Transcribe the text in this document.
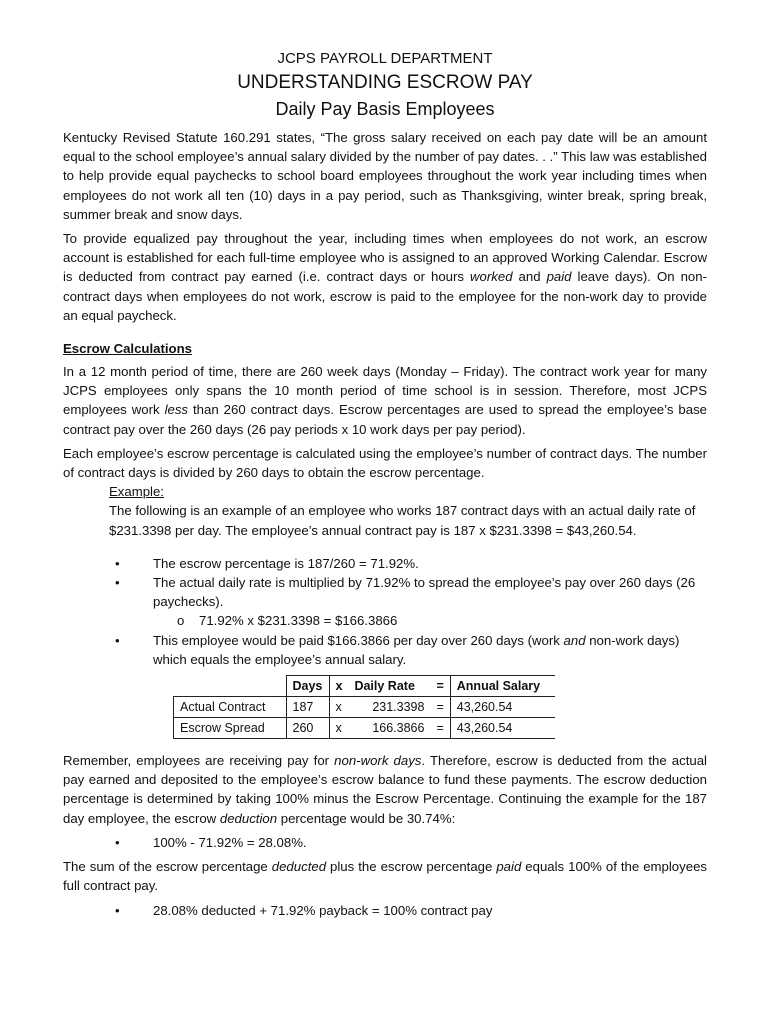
JCPS PAYROLL DEPARTMENT
UNDERSTANDING ESCROW PAY
Daily Pay Basis Employees

Kentucky Revised Statute 160.291 states, “The gross salary received on each pay date will be an amount equal to the school employee’s annual salary divided by the number of pay dates. . .” This law was established to help provide equal paychecks to school board employees throughout the work year including times when employees do not work all ten (10) days in a pay period, such as Thanksgiving, winter break, spring break, summer break and snow days.

To provide equalized pay throughout the year, including times when employees do not work, an escrow account is established for each full-time employee who is assigned to an approved Working Calendar. Escrow is deducted from contract pay earned (i.e. contract days or hours worked and paid leave days). On non-contract days when employees do not work, escrow is paid to the employee for the non-work day to provide an equal paycheck.

Escrow Calculations

In a 12 month period of time, there are 260 week days (Monday – Friday). The contract work year for many JCPS employees only spans the 10 month period of time school is in session. Therefore, most JCPS employees work less than 260 contract days. Escrow percentages are used to spread the employee’s base contract pay over the 260 days (26 pay periods x 10 work days per pay period).

Each employee’s escrow percentage is calculated using the employee’s number of contract days. The number of contract days is divided by 260 days to obtain the escrow percentage.

Example:
The following is an example of an employee who works 187 contract days with an actual daily rate of $231.3398 per day. The employee’s annual contract pay is 187 x $231.3398 = $43,260.54.
•	The escrow percentage is 187/260 = 71.92%.
•	The actual daily rate is multiplied by 71.92% to spread the employee’s pay over 260 days (26 paychecks).
o 71.92% x $231.3398 = $166.3866
•	This employee would be paid $166.3866 per day over 260 days (work and non-work days) which equals the employee’s annual salary.
	Days	x	Daily Rate	=	Annual Salary
Actual Contract	187	x	231.3398	=	43,260.54
Escrow Spread	260	x	166.3866	=	43,260.54

Remember, employees are receiving pay for non-work days. Therefore, escrow is deducted from the actual pay earned and deposited to the employee’s escrow balance to fund these payments. The escrow deduction percentage is determined by taking 100% minus the Escrow Percentage. Continuing the example for the 187 day employee, the escrow deduction percentage would be 30.74%:

•	100% - 71.92% = 28.08%.

The sum of the escrow percentage deducted plus the escrow percentage paid equals 100% of the employees full contract pay.

•	28.08% deducted + 71.92% payback = 100% contract pay
